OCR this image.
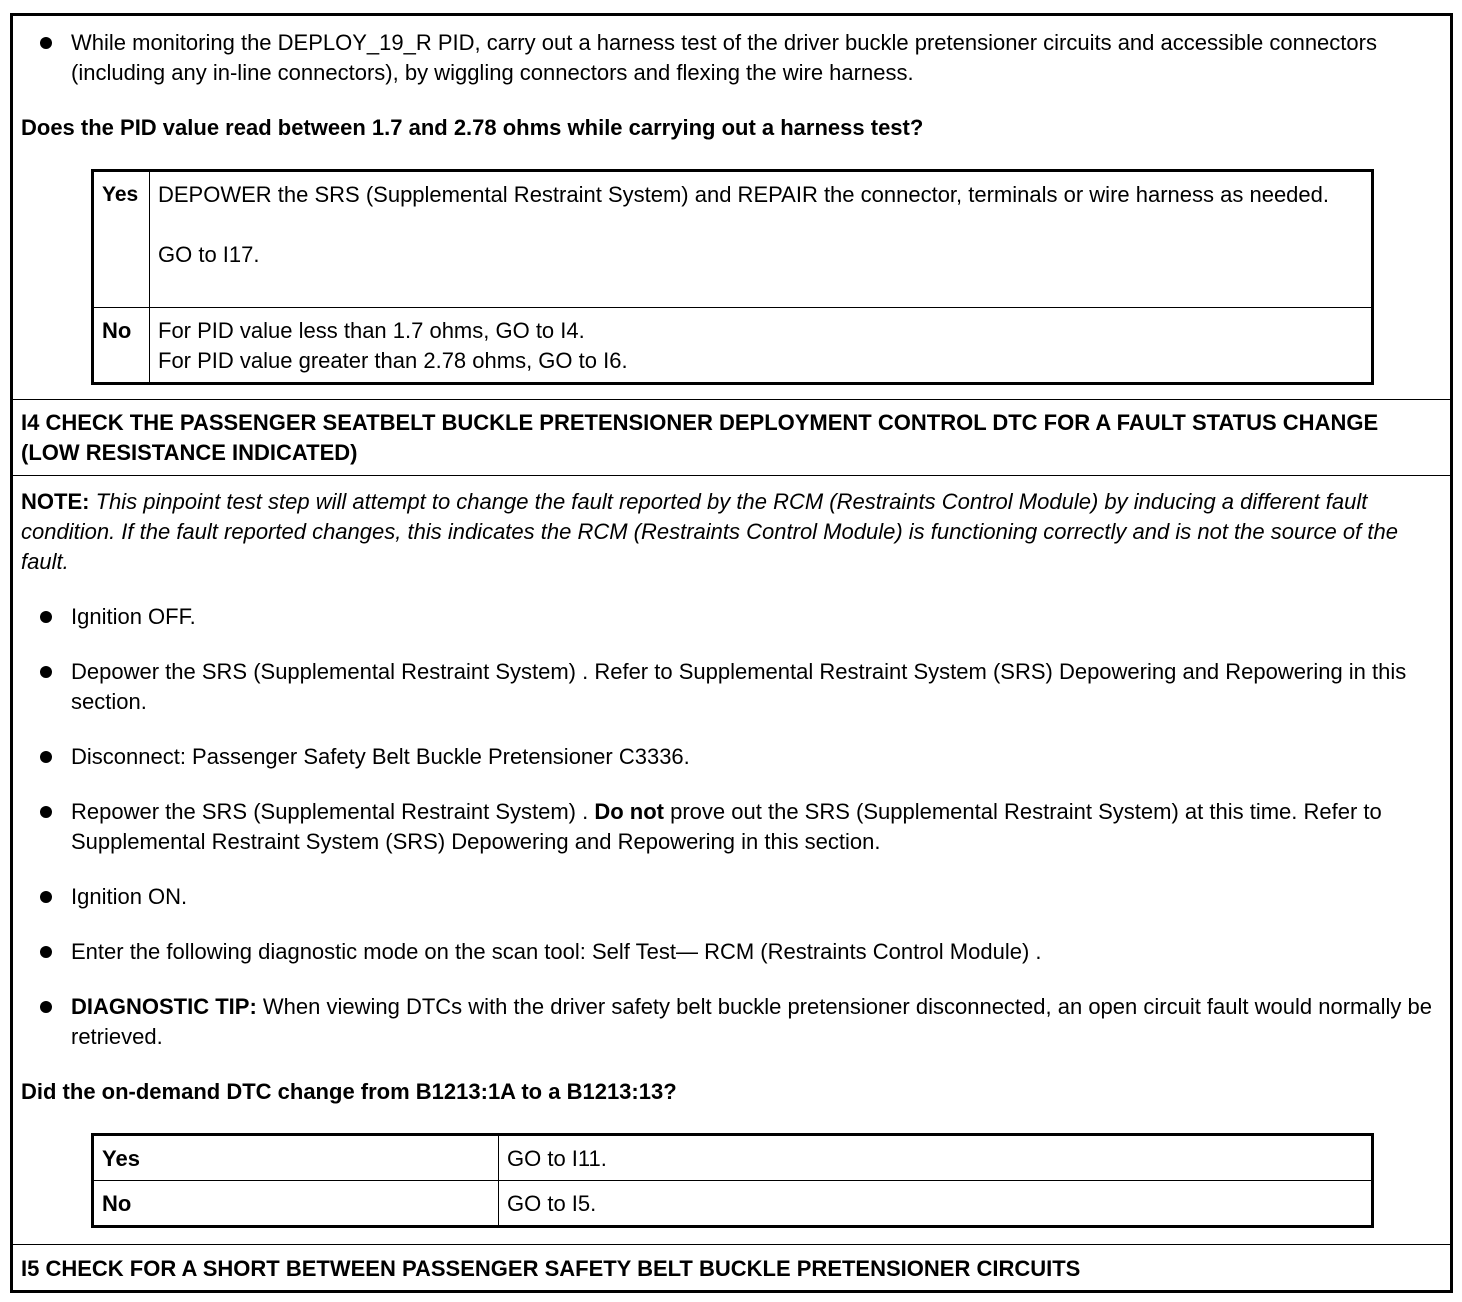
While monitoring the DEPLOY_19_R PID, carry out a harness test of the driver buckle pretensioner circuits and accessible connectors (including any in-line connectors), by wiggling connectors and flexing the wire harness.
Does the PID value read between 1.7 and 2.78 ohms while carrying out a harness test?
Yes	DEPOWER the SRS (Supplemental Restraint System) and REPAIR the connector, terminals or wire harness as needed.
GO to I17.

No	For PID value less than 1.7 ohms, GO to I4.
For PID value greater than 2.78 ohms, GO to I6.
I4 CHECK THE PASSENGER SEATBELT BUCKLE PRETENSIONER DEPLOYMENT CONTROL DTC FOR A FAULT STATUS CHANGE (LOW RESISTANCE INDICATED)
NOTE: This pinpoint test step will attempt to change the fault reported by the RCM (Restraints Control Module) by inducing a different fault condition. If the fault reported changes, this indicates the RCM (Restraints Control Module) is functioning correctly and is not the source of the fault.
Ignition OFF.
Depower the SRS (Supplemental Restraint System) . Refer to Supplemental Restraint System (SRS) Depowering and Repowering in this section.
Disconnect: Passenger Safety Belt Buckle Pretensioner C3336.
Repower the SRS (Supplemental Restraint System) . Do not prove out the SRS (Supplemental Restraint System) at this time. Refer to Supplemental Restraint System (SRS) Depowering and Repowering in this section.
Ignition ON.
Enter the following diagnostic mode on the scan tool: Self Test— RCM (Restraints Control Module) .
DIAGNOSTIC TIP: When viewing DTCs with the driver safety belt buckle pretensioner disconnected, an open circuit fault would normally be retrieved.
Did the on-demand DTC change from B1213:1A to a B1213:13?
Yes	GO to I11.
No	GO to I5.
I5 CHECK FOR A SHORT BETWEEN PASSENGER SAFETY BELT BUCKLE PRETENSIONER CIRCUITS
